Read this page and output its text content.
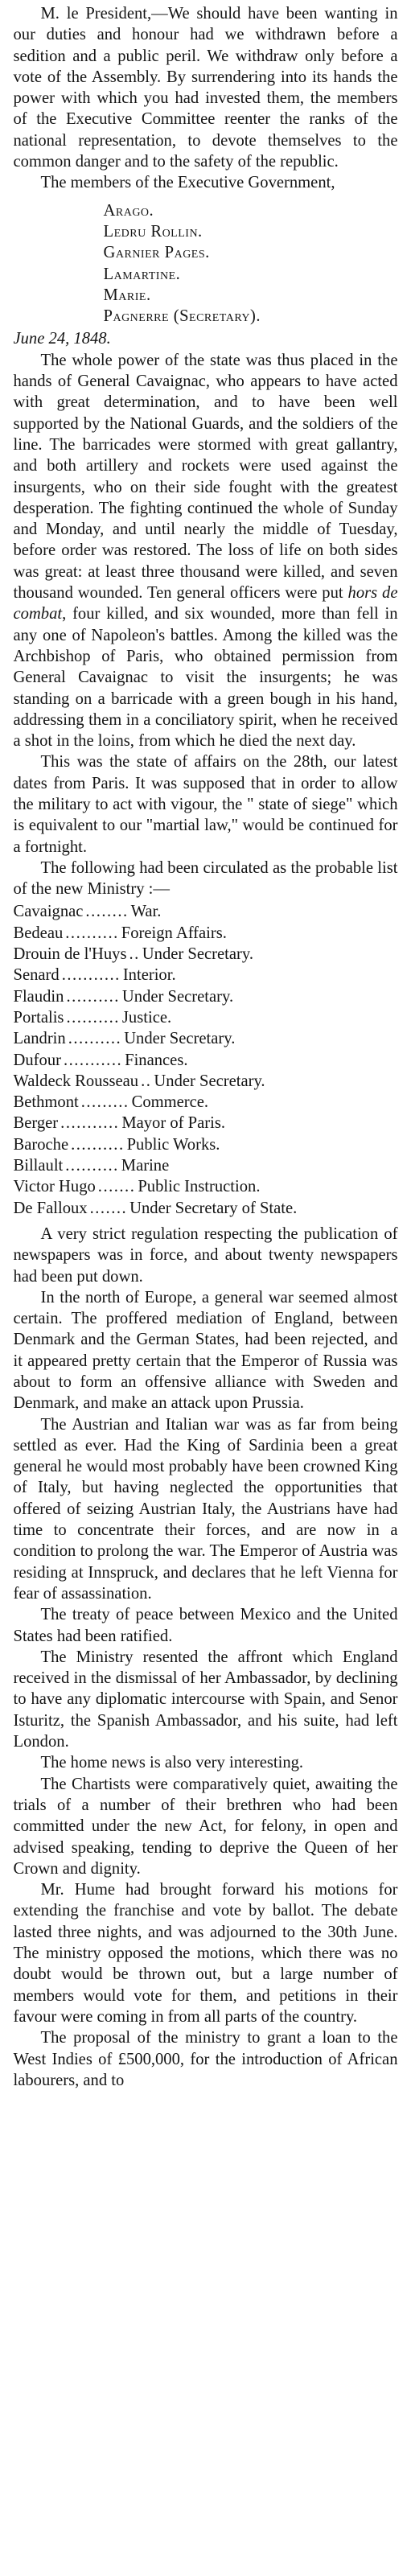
M. le President,—We should have been wanting in our duties and honour had we withdrawn before a sedition and a public peril. We withdraw only before a vote of the Assembly. By surrendering into its hands the power with which you had invested them, the members of the Executive Committee reenter the ranks of the national representation, to devote themselves to the common danger and to the safety of the republic.

The members of the Executive Government,

Arago.
Ledru Rollin.
Garnier Pages.
Lamartine.
Marie.
Pagnerre (Secretary).

June 24, 1848.

The whole power of the state was thus placed in the hands of General Cavaignac, who appears to have acted with great determination, and to have been well supported by the National Guards, and the soldiers of the line. The barricades were stormed with great gallantry, and both artillery and rockets were used against the insurgents, who on their side fought with the greatest desperation. The fighting continued the whole of Sunday and Monday, and until nearly the middle of Tuesday, before order was restored. The loss of life on both sides was great: at least three thousand were killed, and seven thousand wounded. Ten general officers were put hors de combat, four killed, and six wounded, more than fell in any one of Napoleon's battles. Among the killed was the Archbishop of Paris, who obtained permission from General Cavaignac to visit the insurgents; he was standing on a barricade with a green bough in his hand, addressing them in a conciliatory spirit, when he received a shot in the loins, from which he died the next day.

This was the state of affairs on the 28th, our latest dates from Paris. It was supposed that in order to allow the military to act with vigour, the " state of siege" which is equivalent to our "martial law," would be continued for a fortnight.

The following had been circulated as the probable list of the new Ministry :—

Cavaignac ........ War.
Bedeau .......... Foreign Affairs.
Drouin de l'Huys .. Under Secretary.
Senard ........... Interior.
Flaudin .......... Under Secretary.
Portalis .......... Justice.
Landrin .......... Under Secretary.
Dufour ........... Finances.
Waldeck Rousseau .. Under Secretary.
Bethmont ......... Commerce.
Berger ........... Mayor of Paris.
Baroche .......... Public Works.
Billault .......... Marine
Victor Hugo ....... Public Instruction.
De Falloux ....... Under Secretary of State.

A very strict regulation respecting the publication of newspapers was in force, and about twenty newspapers had been put down.

In the north of Europe, a general war seemed almost certain. The proffered mediation of England, between Denmark and the German States, had been rejected, and it appeared pretty certain that the Emperor of Russia was about to form an offensive alliance with Sweden and Denmark, and make an attack upon Prussia.

The Austrian and Italian war was as far from being settled as ever. Had the King of Sardinia been a great general he would most probably have been crowned King of Italy, but having neglected the opportunities that offered of seizing Austrian Italy, the Austrians have had time to concentrate their forces, and are now in a condition to prolong the war. The Emperor of Austria was residing at Innspruck, and declares that he left Vienna for fear of assassination.

The treaty of peace between Mexico and the United States had been ratified.

The Ministry resented the affront which England received in the dismissal of her Ambassador, by declining to have any diplomatic intercourse with Spain, and Senor Isturitz, the Spanish Ambassador, and his suite, had left London.

The home news is also very interesting.

The Chartists were comparatively quiet, awaiting the trials of a number of their brethren who had been committed under the new Act, for felony, in open and advised speaking, tending to deprive the Queen of her Crown and dignity.

Mr. Hume had brought forward his motions for extending the franchise and vote by ballot. The debate lasted three nights, and was adjourned to the 30th June. The ministry opposed the motions, which there was no doubt would be thrown out, but a large number of members would vote for them, and petitions in their favour were coming in from all parts of the country.

The proposal of the ministry to grant a loan to the West Indies of £500,000, for the introduction of African labourers, and to
